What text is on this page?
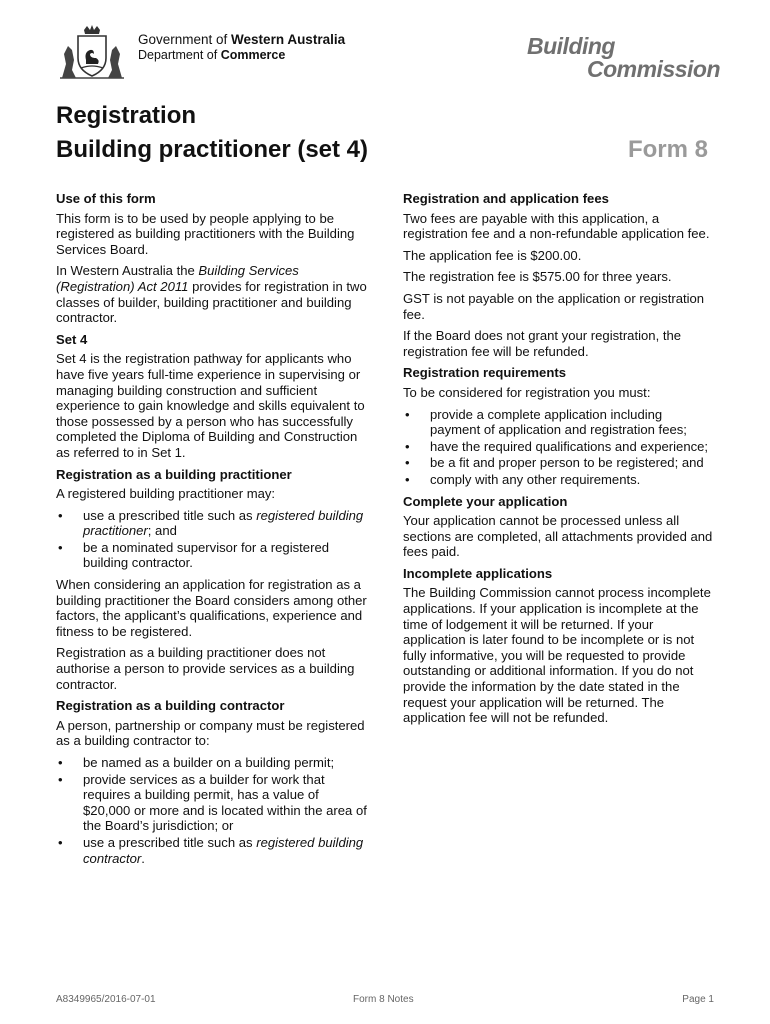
Government of Western Australia
Department of Commerce	Building
Commission
Registration
Building practitioner (set 4)	Form 8
Use of this form

This form is to be used by people applying to be registered as building practitioners with the Building Services Board.

In Western Australia the Building Services (Registration) Act 2011 provides for registration in two classes of builder, building practitioner and building contractor.

Set 4

Set 4 is the registration pathway for applicants who have five years full-time experience in supervising or managing building construction and sufficient experience to gain knowledge and skills equivalent to those possessed by a person who has successfully completed the Diploma of Building and Construction as referred to in Set 1.

Registration as a building practitioner

A registered building practitioner may:

• use a prescribed title such as registered building practitioner; and
• be a nominated supervisor for a registered building contractor.

When considering an application for registration as a building practitioner the Board considers among other factors, the applicant’s qualifications, experience and fitness to be registered.

Registration as a building practitioner does not authorise a person to provide services as a building contractor.

Registration as a building contractor

A person, partnership or company must be registered as a building contractor to:

• be named as a builder on a building permit;
• provide services as a builder for work that requires a building permit, has a value of $20,000 or more and is located within the area of the Board’s jurisdiction; or
• use a prescribed title such as registered building contractor.
Registration and application fees

Two fees are payable with this application, a registration fee and a non-refundable application fee.

The application fee is $200.00.

The registration fee is $575.00 for three years.

GST is not payable on the application or registration fee.

If the Board does not grant your registration, the registration fee will be refunded.

Registration requirements

To be considered for registration you must:

• provide a complete application including payment of application and registration fees;
• have the required qualifications and experience;
• be a fit and proper person to be registered; and
• comply with any other requirements.
Complete your application

Your application cannot be processed unless all sections are completed, all attachments provided and fees paid.

Incomplete applications

The Building Commission cannot process incomplete applications. If your application is incomplete at the time of lodgement it will be returned. If your application is later found to be incomplete or is not fully informative, you will be requested to provide outstanding or additional information. If you do not provide the information by the date stated in the request your application will be returned. The application fee will not be refunded.

A8349965/2016-07-01	Form 8 Notes	Page 1
